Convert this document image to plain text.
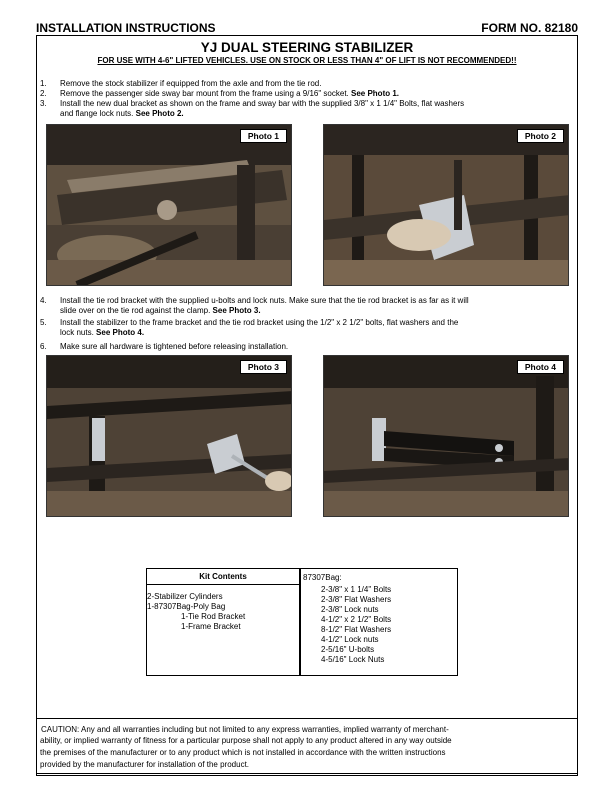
INSTALLATION INSTRUCTIONS	FORM NO. 82180
YJ DUAL STEERING STABILIZER
FOR USE WITH 4-6" LIFTED VEHICLES. USE ON STOCK OR LESS THAN 4" OF LIFT IS NOT RECOMMENDED!!
1. Remove the stock stabilizer if equipped from the axle and from the tie rod.
2. Remove the passenger side sway bar mount from the frame using a 9/16" socket. See Photo 1.
3. Install the new dual bracket as shown on the frame and sway bar with the supplied 3/8" x 1 1/4" Bolts, flat washers
and flange lock nuts. See Photo 2.
Photo 1	Photo 2
4. Install the tie rod bracket with the supplied u-bolts and lock nuts. Make sure that the tie rod bracket is as far as it will
slide over on the tie rod against the clamp. See Photo 3.
5. Install the stabilizer to the frame bracket and the tie rod bracket using the 1/2" x 2 1/2" bolts, flat washers and the
lock nuts. See Photo 4.
6. Make sure all hardware is tightened before releasing installation.
Photo 3	Photo 4
Kit Contents
2-Stabilizer Cylinders
1-87307Bag-Poly Bag
1-Tie Rod Bracket
1-Frame Bracket
87307Bag:
2-3/8" x 1 1/4" Bolts
2-3/8" Flat Washers
2-3/8" Lock nuts
4-1/2" x 2 1/2" Bolts
8-1/2" Flat Washers
4-1/2" Lock nuts
2-5/16" U-bolts
4-5/16" Lock Nuts
CAUTION: Any and all warranties including but not limited to any express warranties, implied warranty of merchant-
ability, or implied warranty of fitness for a particular purpose shall not apply to any product altered in any way outside
the premises of the manufacturer or to any product which is not installed in accordance with the written instructions
provided by the manufacturer for installation of the product.
